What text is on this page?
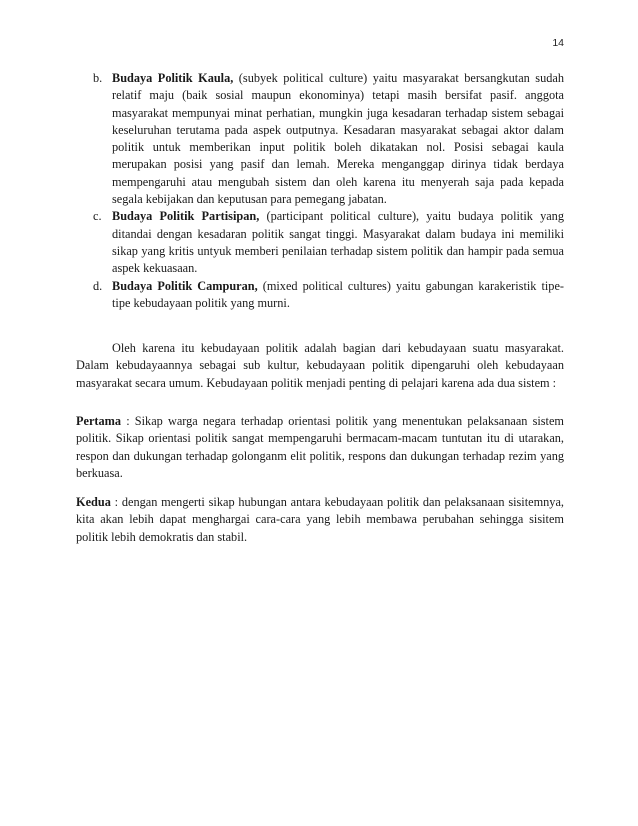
14

b. Budaya Politik Kaula, (subyek political culture) yaitu masyarakat bersangkutan sudah relatif maju (baik sosial maupun ekonominya) tetapi masih bersifat pasif. anggota masyarakat mempunyai minat perhatian, mungkin juga kesadaran terhadap sistem sebagai keseluruhan terutama pada aspek outputnya. Kesadaran masyarakat sebagai aktor dalam politik untuk memberikan input politik boleh dikatakan nol. Posisi sebagai kaula merupakan posisi yang pasif dan lemah. Mereka menganggap dirinya tidak berdaya mempengaruhi atau mengubah sistem dan oleh karena itu menyerah saja pada kepada segala kebijakan dan keputusan para pemegang jabatan.

c. Budaya Politik Partisipan, (participant political culture), yaitu budaya politik yang ditandai dengan kesadaran politik sangat tinggi. Masyarakat dalam budaya ini memiliki sikap yang kritis untyuk memberi penilaian terhadap sistem politik dan hampir pada semua aspek kekuasaan.

d. Budaya Politik Campuran, (mixed political cultures) yaitu gabungan karakeristik tipe-tipe kebudayaan politik yang murni.

Oleh karena itu kebudayaan politik adalah bagian dari kebudayaan suatu masyarakat. Dalam kebudayaannya sebagai sub kultur, kebudayaan politik dipengaruhi oleh kebudayaan masyarakat secara umum. Kebudayaan politik menjadi penting di pelajari karena ada dua sistem :

Pertama : Sikap warga negara terhadap orientasi politik yang menentukan pelaksanaan sistem politik. Sikap orientasi politik sangat mempengaruhi bermacam-macam tuntutan itu di utarakan, respon dan dukungan terhadap golonganm elit politik, respons dan dukungan terhadap rezim yang berkuasa.

Kedua : dengan mengerti sikap hubungan antara kebudayaan politik dan pelaksanaan sisitemnya, kita akan lebih dapat menghargai cara-cara yang lebih membawa perubahan sehingga sisitem politik lebih demokratis dan stabil.
